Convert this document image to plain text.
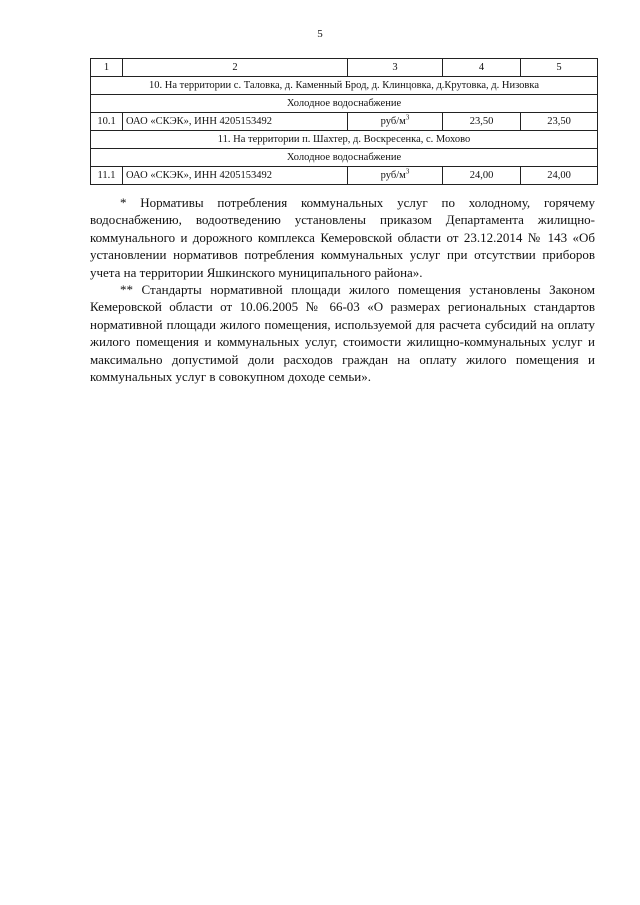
5
1	2	3	4	5
10. На территории с. Таловка, д. Каменный Брод, д. Клинцовка, д.Крутовка, д. Низовка				
Холодное водоснабжение				
10.1	ОАО «СКЭК», ИНН 4205153492	руб/$м^3$	23,50	23,50
11. На территории п. Шахтер, д. Воскресенка, с. Мохово				
Холодное водоснабжение				
11.1	ОАО «СКЭК», ИНН 4205153492	руб/$м^3$	24,00	24,00

* Нормативы потребления коммунальных услуг по холодному, горячему водоснабжению, водоотведению установлены приказом Департамента жилищно-коммунального и дорожного комплекса Кемеровской области от 23.12.2014 № 143 «Об установлении нормативов потребления коммунальных услуг при отсутствии приборов учета на территории Яшкинского муниципального района».

** Стандарты нормативной площади жилого помещения установлены Законом Кемеровской области от 10.06.2005 № 66-03 «О размерах региональных стандартов нормативной площади жилого помещения, используемой для расчета субсидий на оплату жилого помещения и коммунальных услуг, стоимости жилищно-коммунальных услуг и максимально допустимой доли расходов граждан на оплату жилого помещения и коммунальных услуг в совокупном доходе семьи».
